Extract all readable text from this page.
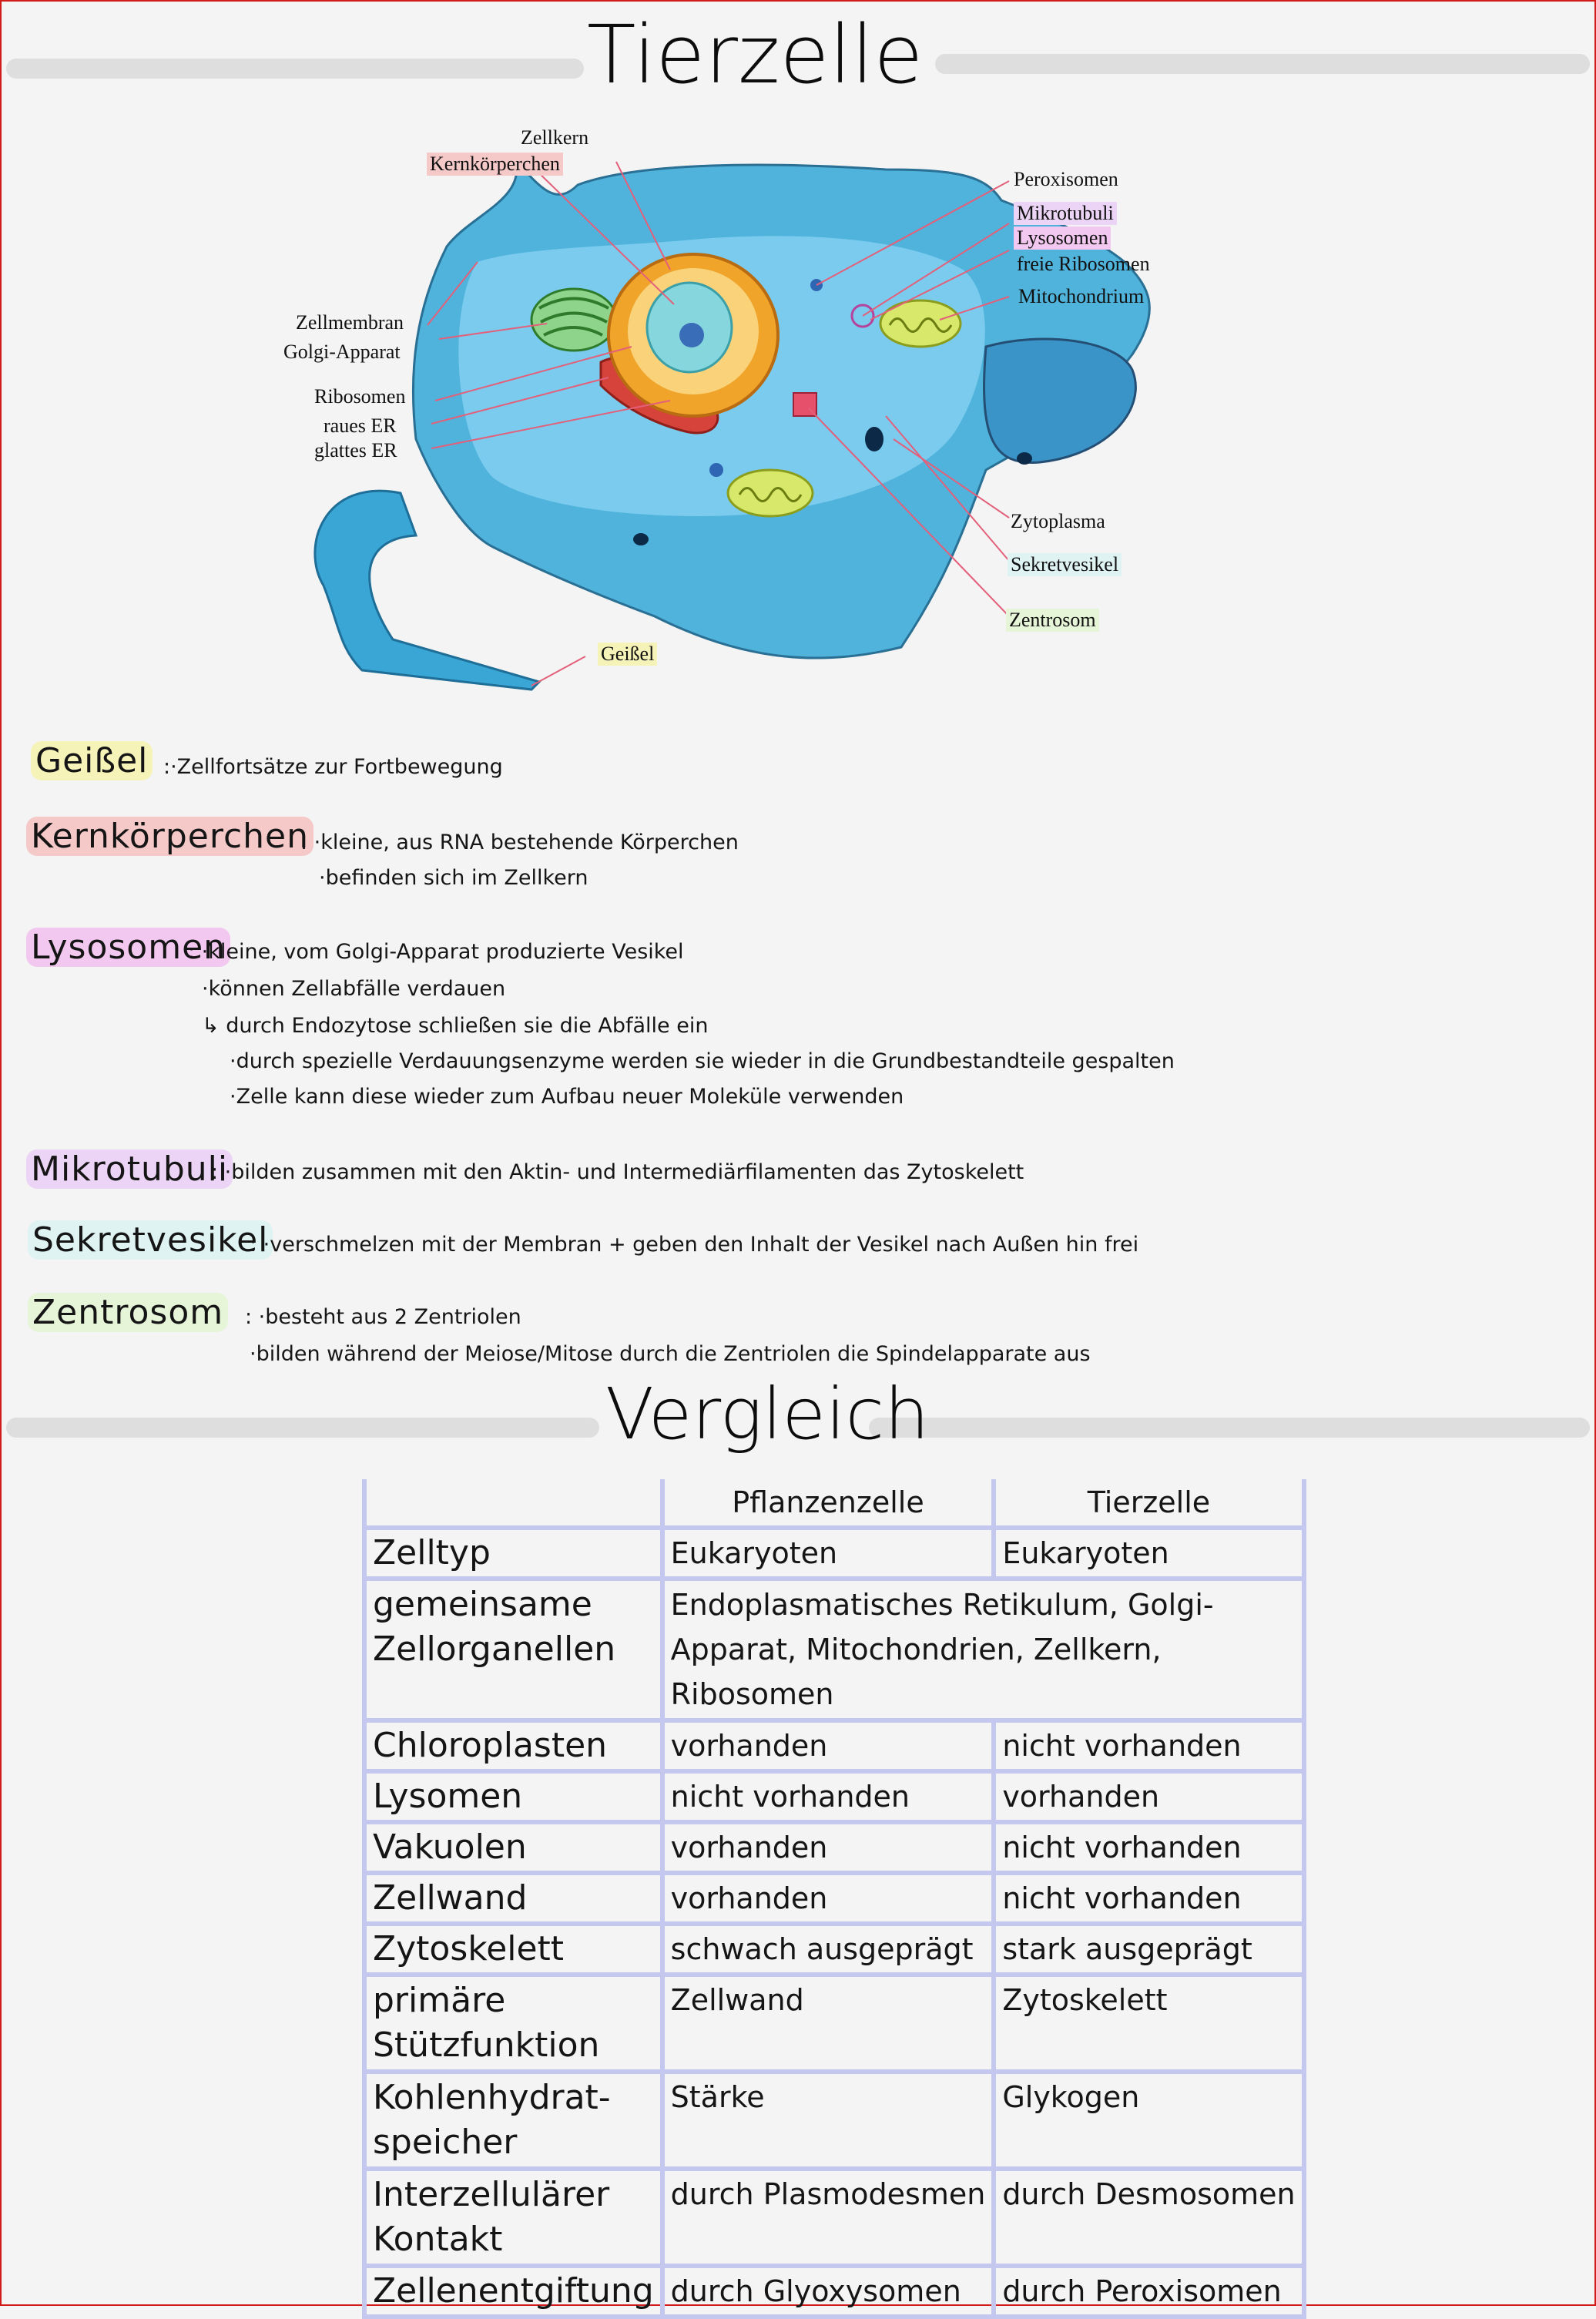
Tierzelle
Zellkern
Kernkörperchen
Zellmembran
Golgi-Apparat
Ribosomen
raues ER
glattes ER
Peroxisomen
Mikrotubuli
Lysosomen
freie Ribosomen
Mitochondrium
Zytoplasma
Sekretvesikel
Zentrosom
Geißel
Geißel :·Zellfortsätze zur Fortbewegung
Kernkörperchen
: ·kleine, aus RNA bestehende Körperchen
·befinden sich im Zellkern
Lysosomen
: ·kleine, vom Golgi-Apparat produzierte Vesikel
·können Zellabfälle verdauen
↳ durch Endozytose schließen sie die Abfälle ein
·durch spezielle Verdauungsenzyme werden sie wieder in die Grundbestandteile gespalten
·Zelle kann diese wieder zum Aufbau neuer Moleküle verwenden
Mikrotubuli
: ·bilden zusammen mit den Aktin- und Intermediärfilamenten das Zytoskelett
Sekretvesikel
: ·verschmelzen mit der Membran + geben den Inhalt der Vesikel nach Außen hin frei
Zentrosom : ·besteht aus 2 Zentriolen
·bilden während der Meiose/Mitose durch die Zentriolen die Spindelapparate aus
Vergleich
	Pflanzenzelle	Tierzelle
Zelltyp	Eukaryoten	Eukaryoten
gemeinsame Zellorganellen	Endoplasmatisches Retikulum, Golgi-Apparat, Mitochondrien, Zellkern, Ribosomen	
Chloroplasten	vorhanden	nicht vorhanden
Lysomen	nicht vorhanden	vorhanden
Vakuolen	vorhanden	nicht vorhanden
Zellwand	vorhanden	nicht vorhanden
Zytoskelett	schwach ausgeprägt	stark ausgeprägt
primäre Stützfunktion	Zellwand	Zytoskelett
Kohlenhydrat-speicher	Stärke	Glykogen
Interzellulärer Kontakt	durch Plasmodesmen	durch Desmosomen
Zellenentgiftung	durch Glyoxysomen	durch Peroxisomen
